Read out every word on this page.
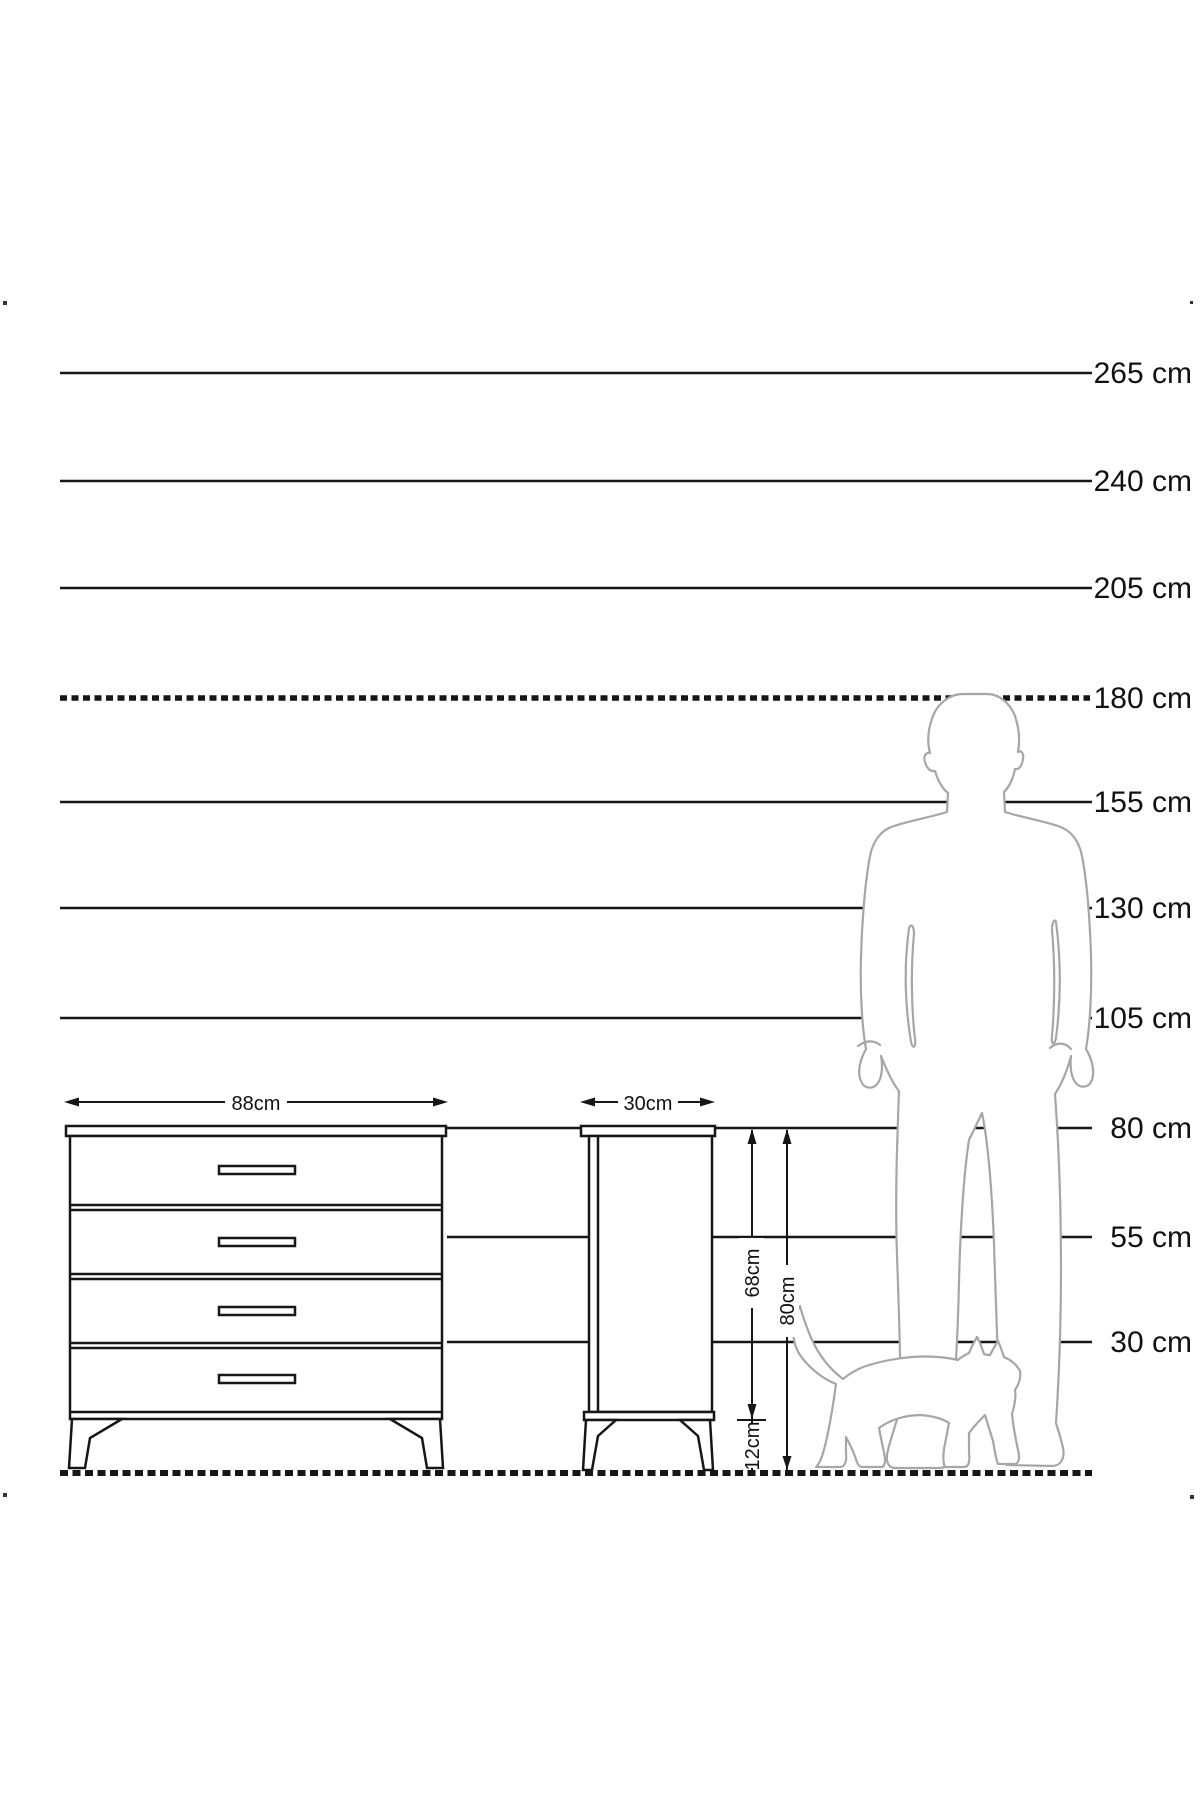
88cm	30cm
68cm
12cm
80cm
265 cm
240 cm
205 cm
180 cm
155 cm
130 cm
105 cm
80 cm
55 cm
30 cm
